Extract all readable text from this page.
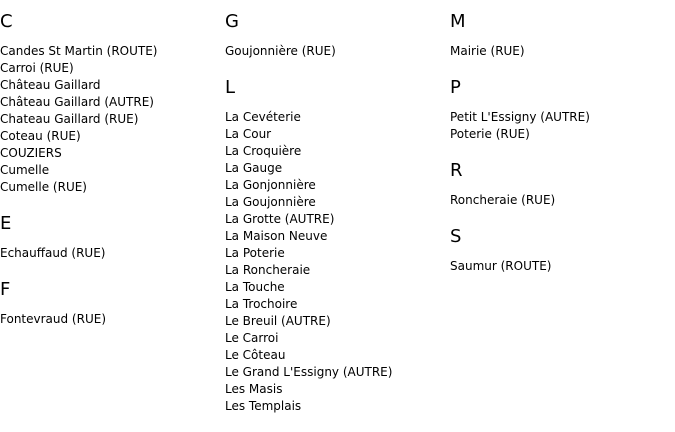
C
Candes St Martin (ROUTE)
Carroi (RUE)
Château Gaillard
Château Gaillard (AUTRE)
Chateau Gaillard (RUE)
Coteau (RUE)
COUZIERS
Cumelle
Cumelle (RUE)
E
Echauffaud (RUE)
F
Fontevraud (RUE)
G
Goujonnière (RUE)
L
La Cevéterie
La Cour
La Croquière
La Gauge
La Gonjonnière
La Goujonnière
La Grotte (AUTRE)
La Maison Neuve
La Poterie
La Roncheraie
La Touche
La Trochoire
Le Breuil (AUTRE)
Le Carroi
Le Côteau
Le Grand L'Essigny (AUTRE)
Les Masis
Les Templais
M
Mairie (RUE)
P
Petit L'Essigny (AUTRE)
Poterie (RUE)
R
Roncheraie (RUE)
S
Saumur (ROUTE)
